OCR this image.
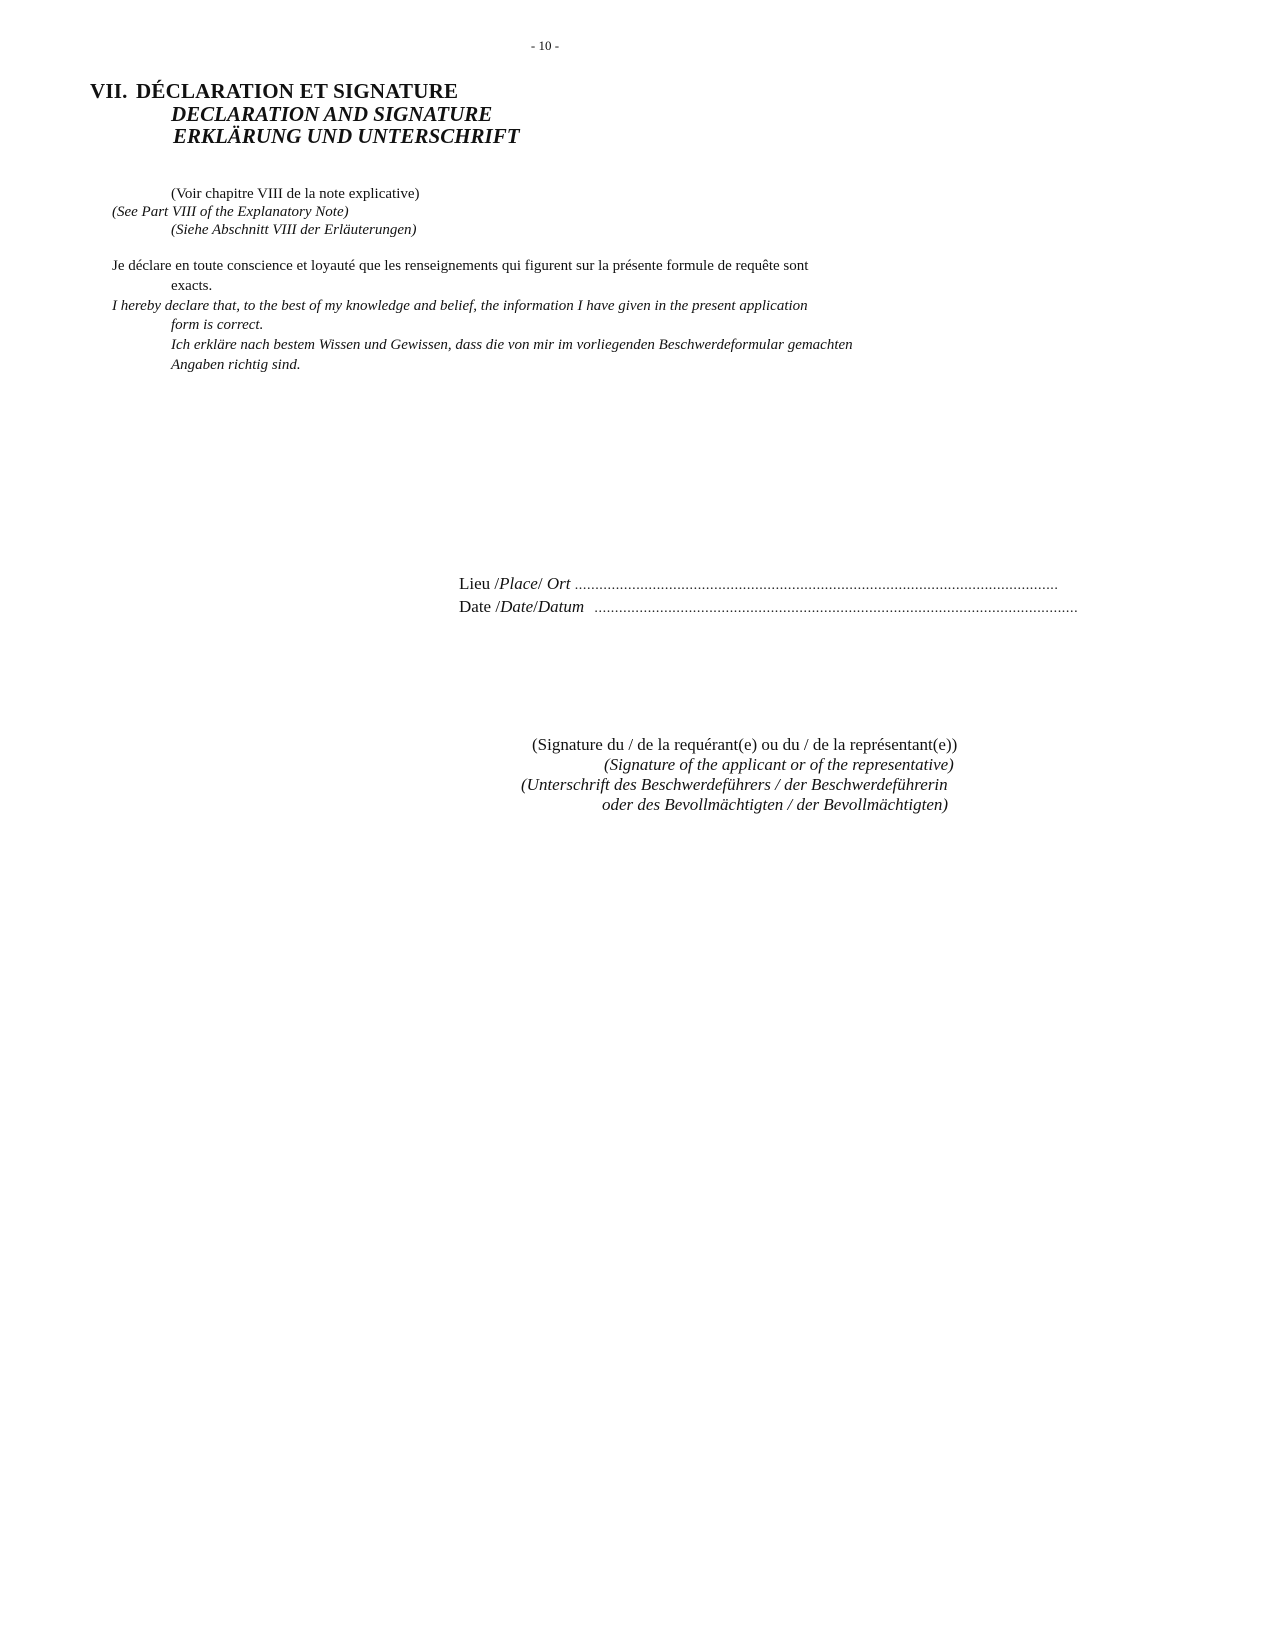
- 10 -
VII. DÉCLARATION ET SIGNATURE
DECLARATION AND SIGNATURE
ERKLÄRUNG UND UNTERSCHRIFT
(Voir chapitre VIII de la note explicative)
(See Part VIII of the Explanatory Note)
(Siehe Abschnitt VIII der Erläuterungen)
Je déclare en toute conscience et loyauté que les renseignements qui figurent sur la présente formule de requête sont
exacts.
I hereby declare that, to the best of my knowledge and belief, the information I have given in the present application
form is correct.
Ich erkläre nach bestem Wissen und Gewissen, dass die von mir im vorliegenden Beschwerdeformular gemachten
Angaben richtig sind.
Lieu /Place/ Ort ......................................................................................................................
Date /Date/Datum ......................................................................................................................
(Signature du / de la requérant(e) ou du / de la représentant(e))
(Signature of the applicant or of the representative)
(Unterschrift des Beschwerdeführers / der Beschwerdeführerin
oder des Bevollmächtigten / der Bevollmächtigten)
